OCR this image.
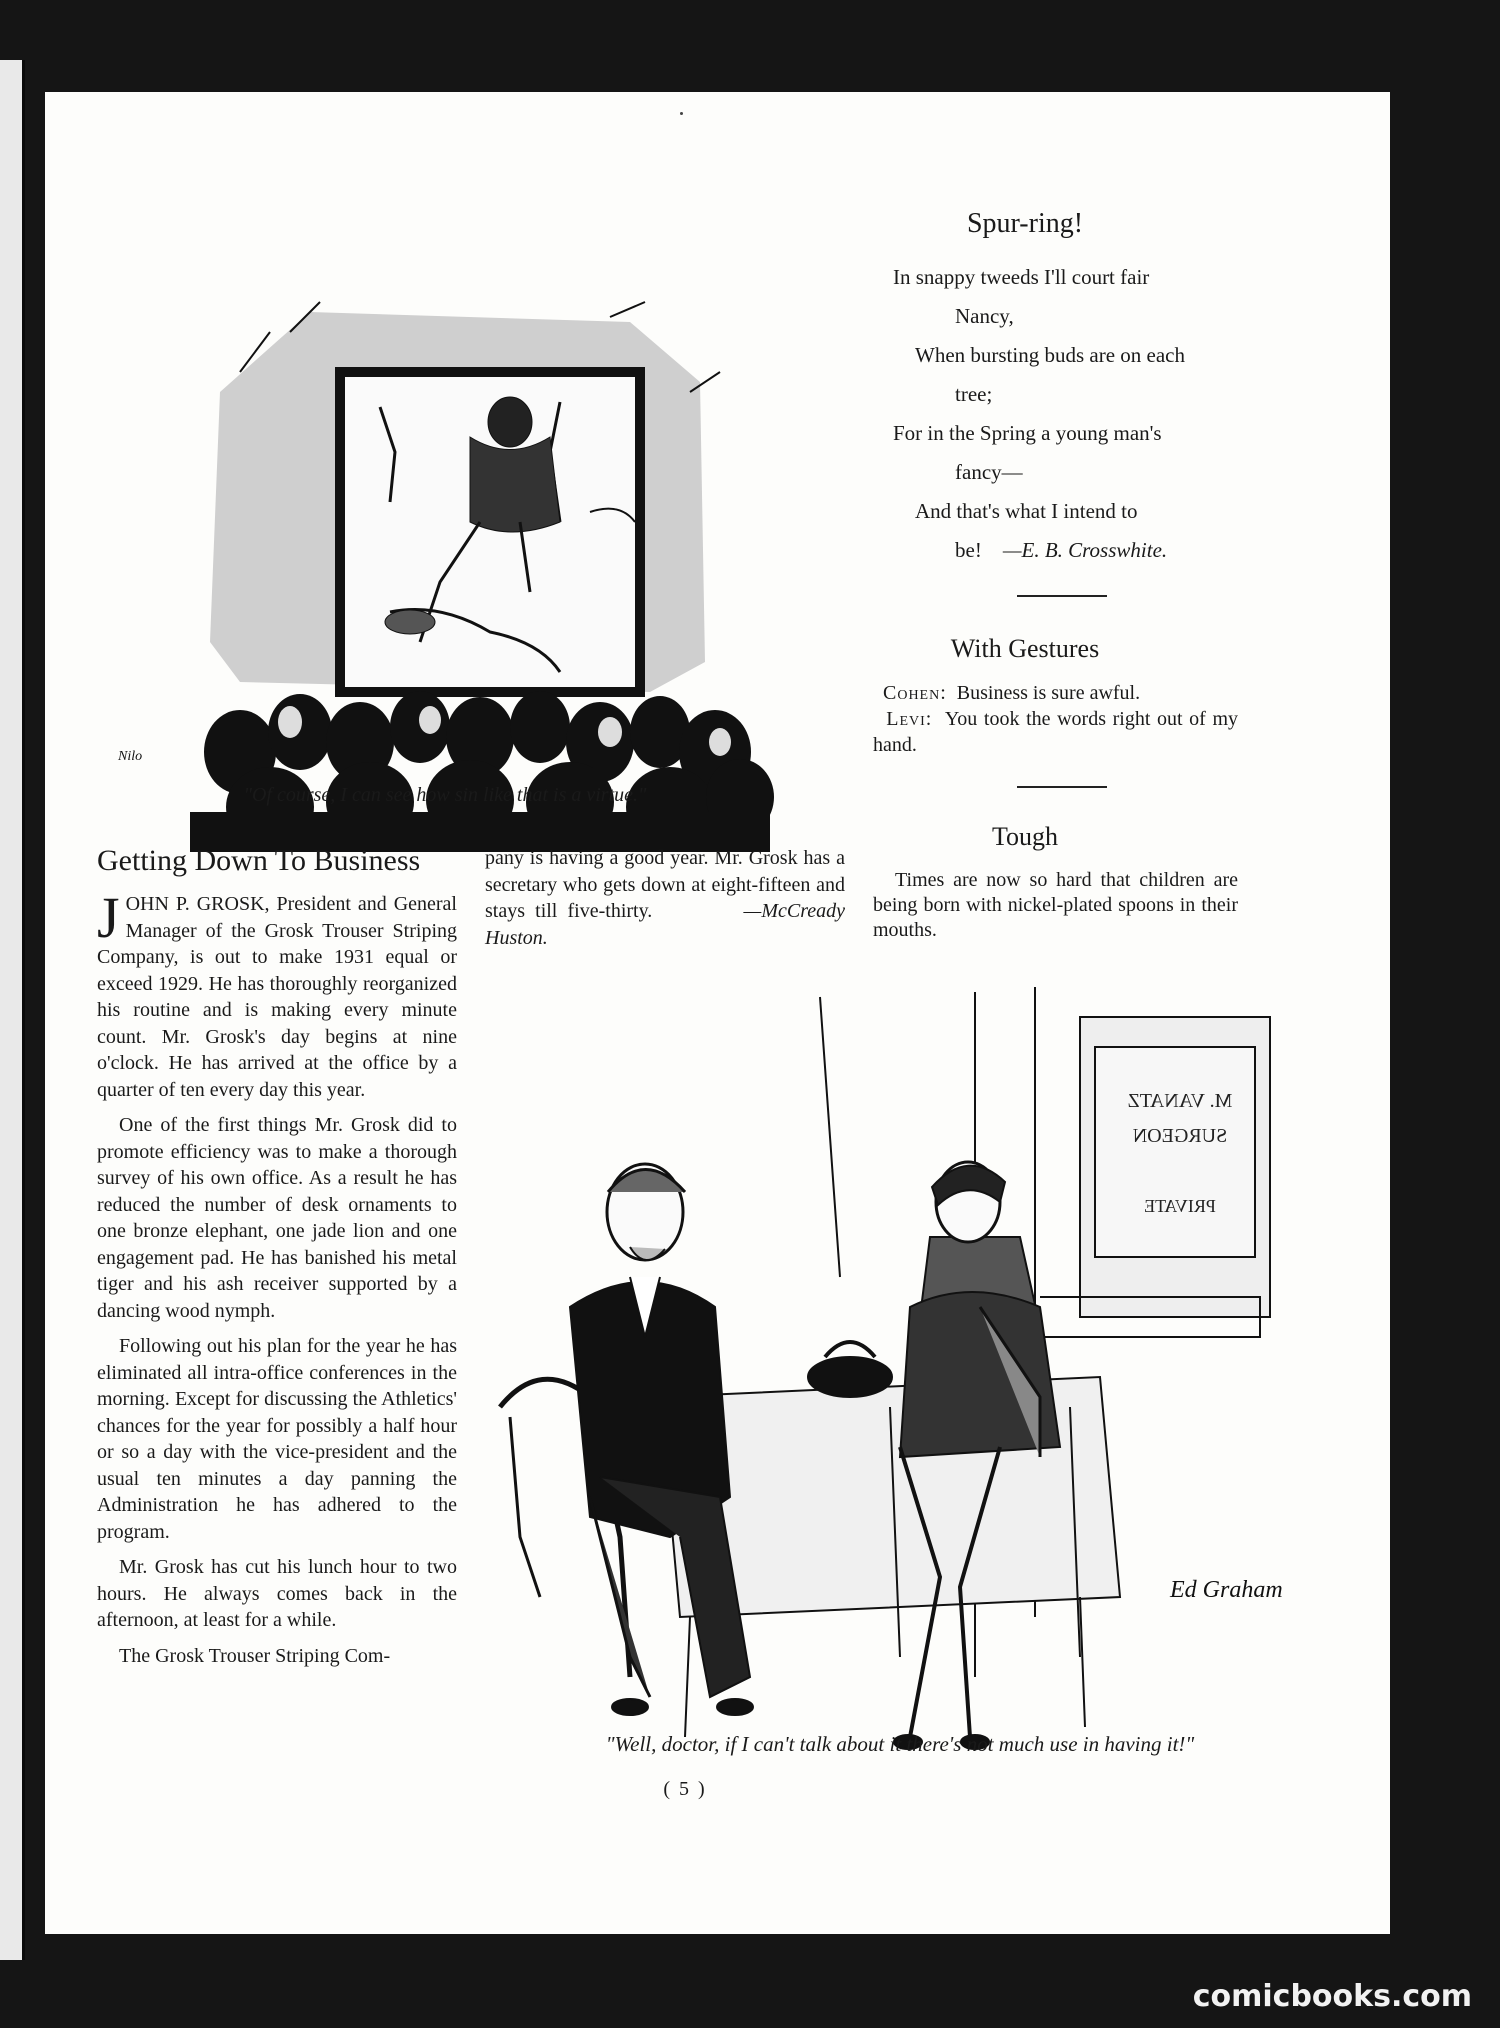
Nilo
"Of course, I can see how sin like that is a virtue."
Spur-ring!

In snappy tweeds I'll court fair

Nancy,

When bursting buds are on each

tree;

For in the Spring a young man's

fancy—

And that's what I intend to

be! —E. B. Crosswhite.

With Gestures

Cohen: Business is sure awful.

Levi: You took the words right out of my hand.

Tough
Times are now so hard that children are being born with nickel-plated spoons in their mouths.
Getting Down To Business

JOHN P. GROSK, President and General Manager of the Grosk Trouser Striping Company, is out to make 1931 equal or exceed 1929. He has thoroughly reorganized his routine and is making every minute count. Mr. Grosk's day begins at nine o'clock. He has arrived at the office by a quarter of ten every day this year.

One of the first things Mr. Grosk did to promote efficiency was to make a thorough survey of his own office. As a result he has reduced the number of desk ornaments to one bronze elephant, one jade lion and one engagement pad. He has banished his metal tiger and his ash receiver supported by a dancing wood nymph.

Following out his plan for the year he has eliminated all intra-office conferences in the morning. Except for discussing the Athletics' chances for the year for possibly a half hour or so a day with the vice-president and the usual ten minutes a day panning the Administration he has adhered to the program.

Mr. Grosk has cut his lunch hour to two hours. He always comes back in the afternoon, at least for a while.

The Grosk Trouser Striping Com-

pany is having a good year. Mr. Grosk has a secretary who gets down at eight-fifteen and stays till five-thirty.	—McCready Huston.

M. VANATZ
SURGEON
PRIVATE
Ed Graham
"Well, doctor, if I can't talk about it there's not much use in having it!"
( 5 )
comicbooks.com
